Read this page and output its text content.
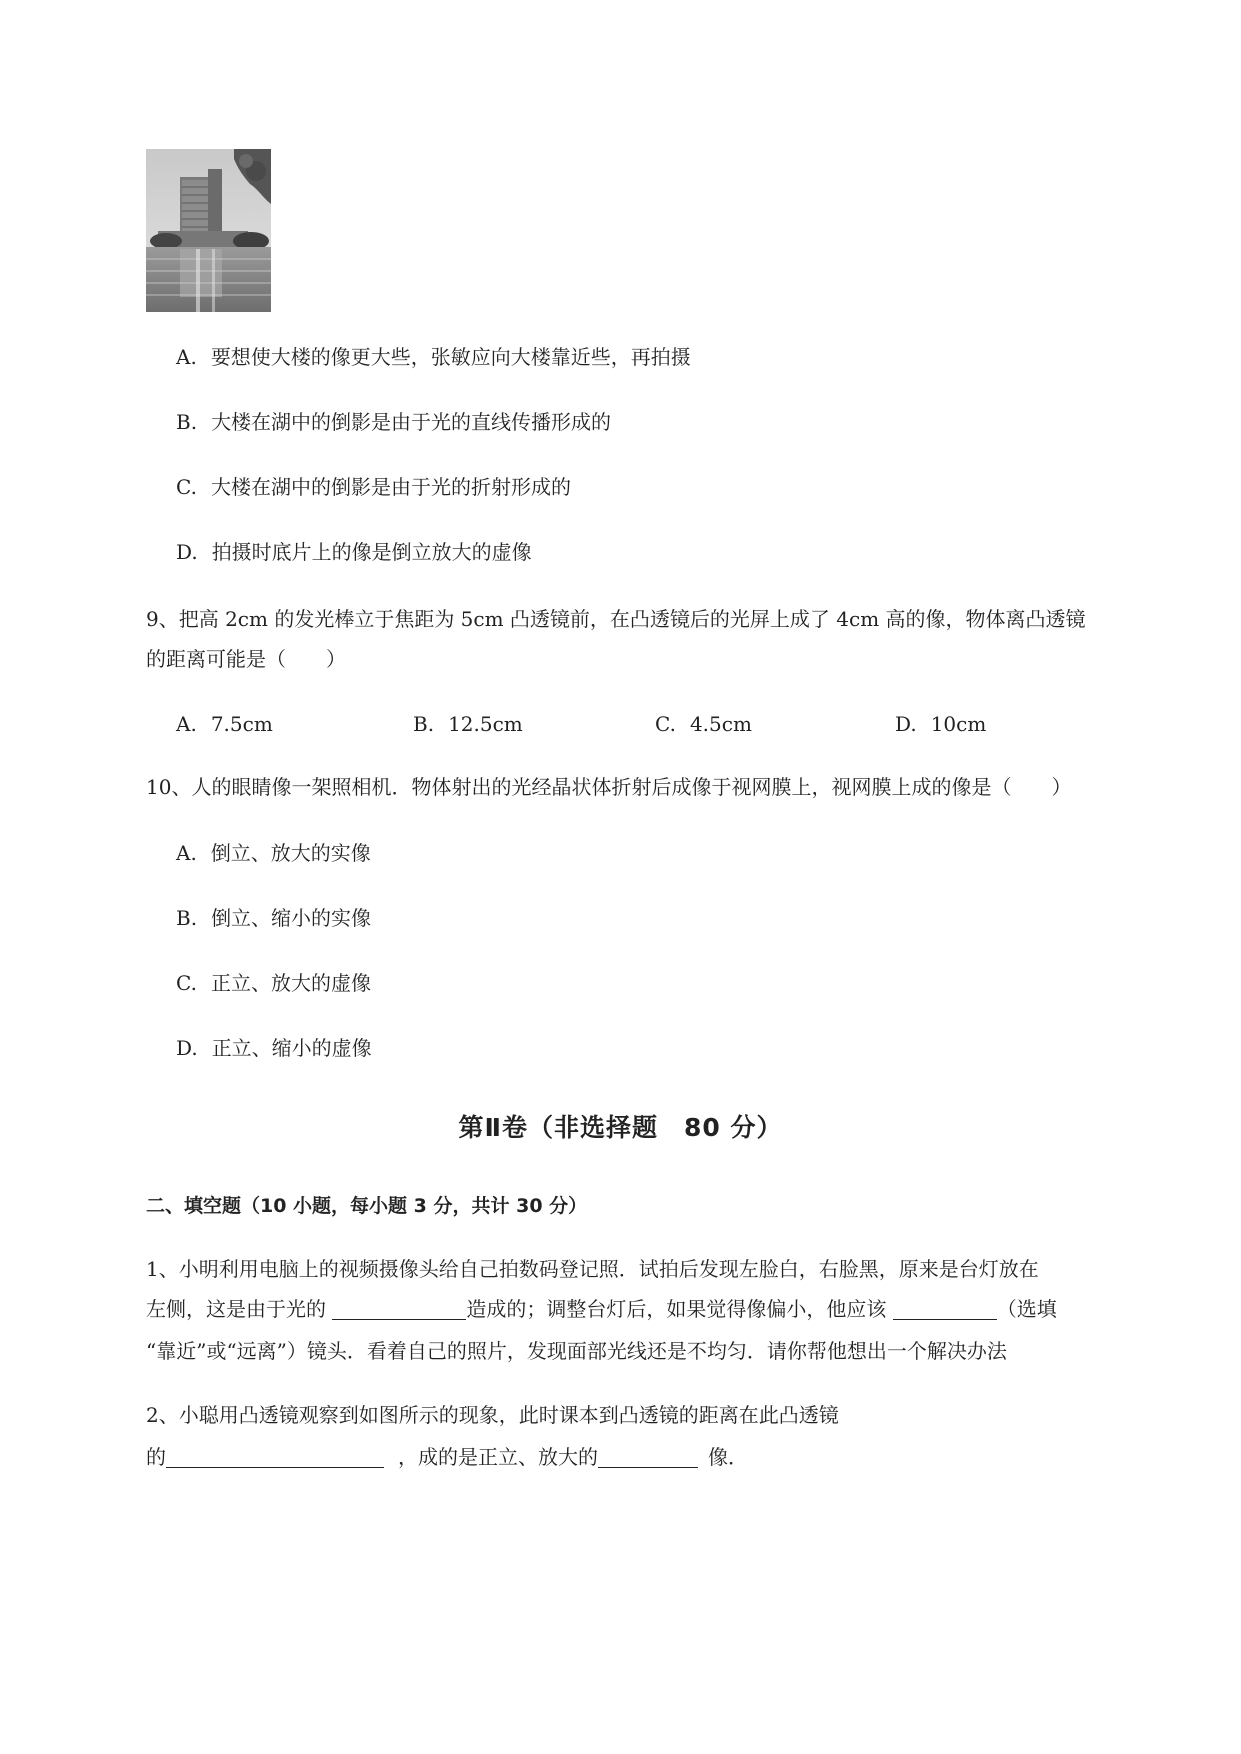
A. 要想使大楼的像更大些，张敏应向大楼靠近些，再拍摄
B. 大楼在湖中的倒影是由于光的直线传播形成的
C. 大楼在湖中的倒影是由于光的折射形成的
D. 拍摄时底片上的像是倒立放大的虚像
9、把高 2cm 的发光棒立于焦距为 5cm 凸透镜前，在凸透镜后的光屏上成了 4cm 高的像，物体离凸透镜
的距离可能是（　　）
A. 7.5cm	B. 12.5cm	C. 4.5cm	D. 10cm
10、人的眼睛像一架照相机．物体射出的光经晶状体折射后成像于视网膜上，视网膜上成的像是（　　）
A. 倒立、放大的实像
B. 倒立、缩小的实像
C. 正立、放大的虚像
D. 正立、缩小的虚像
第Ⅱ卷（非选择题　80 分）
二、填空题（10 小题，每小题 3 分，共计 30 分）
1、小明利用电脑上的视频摄像头给自己拍数码登记照．试拍后发现左脸白，右脸黑，原来是台灯放在
左侧，这是由于光的	造成的；调整台灯后，如果觉得像偏小，他应该	（选填
“靠近”或“远离”）镜头．看着自己的照片，发现面部光线还是不均匀．请你帮他想出一个解决办法
2、小聪用凸透镜观察到如图所示的现象，此时课本到凸透镜的距离在此凸透镜
的	，成的是正立、放大的	像．
